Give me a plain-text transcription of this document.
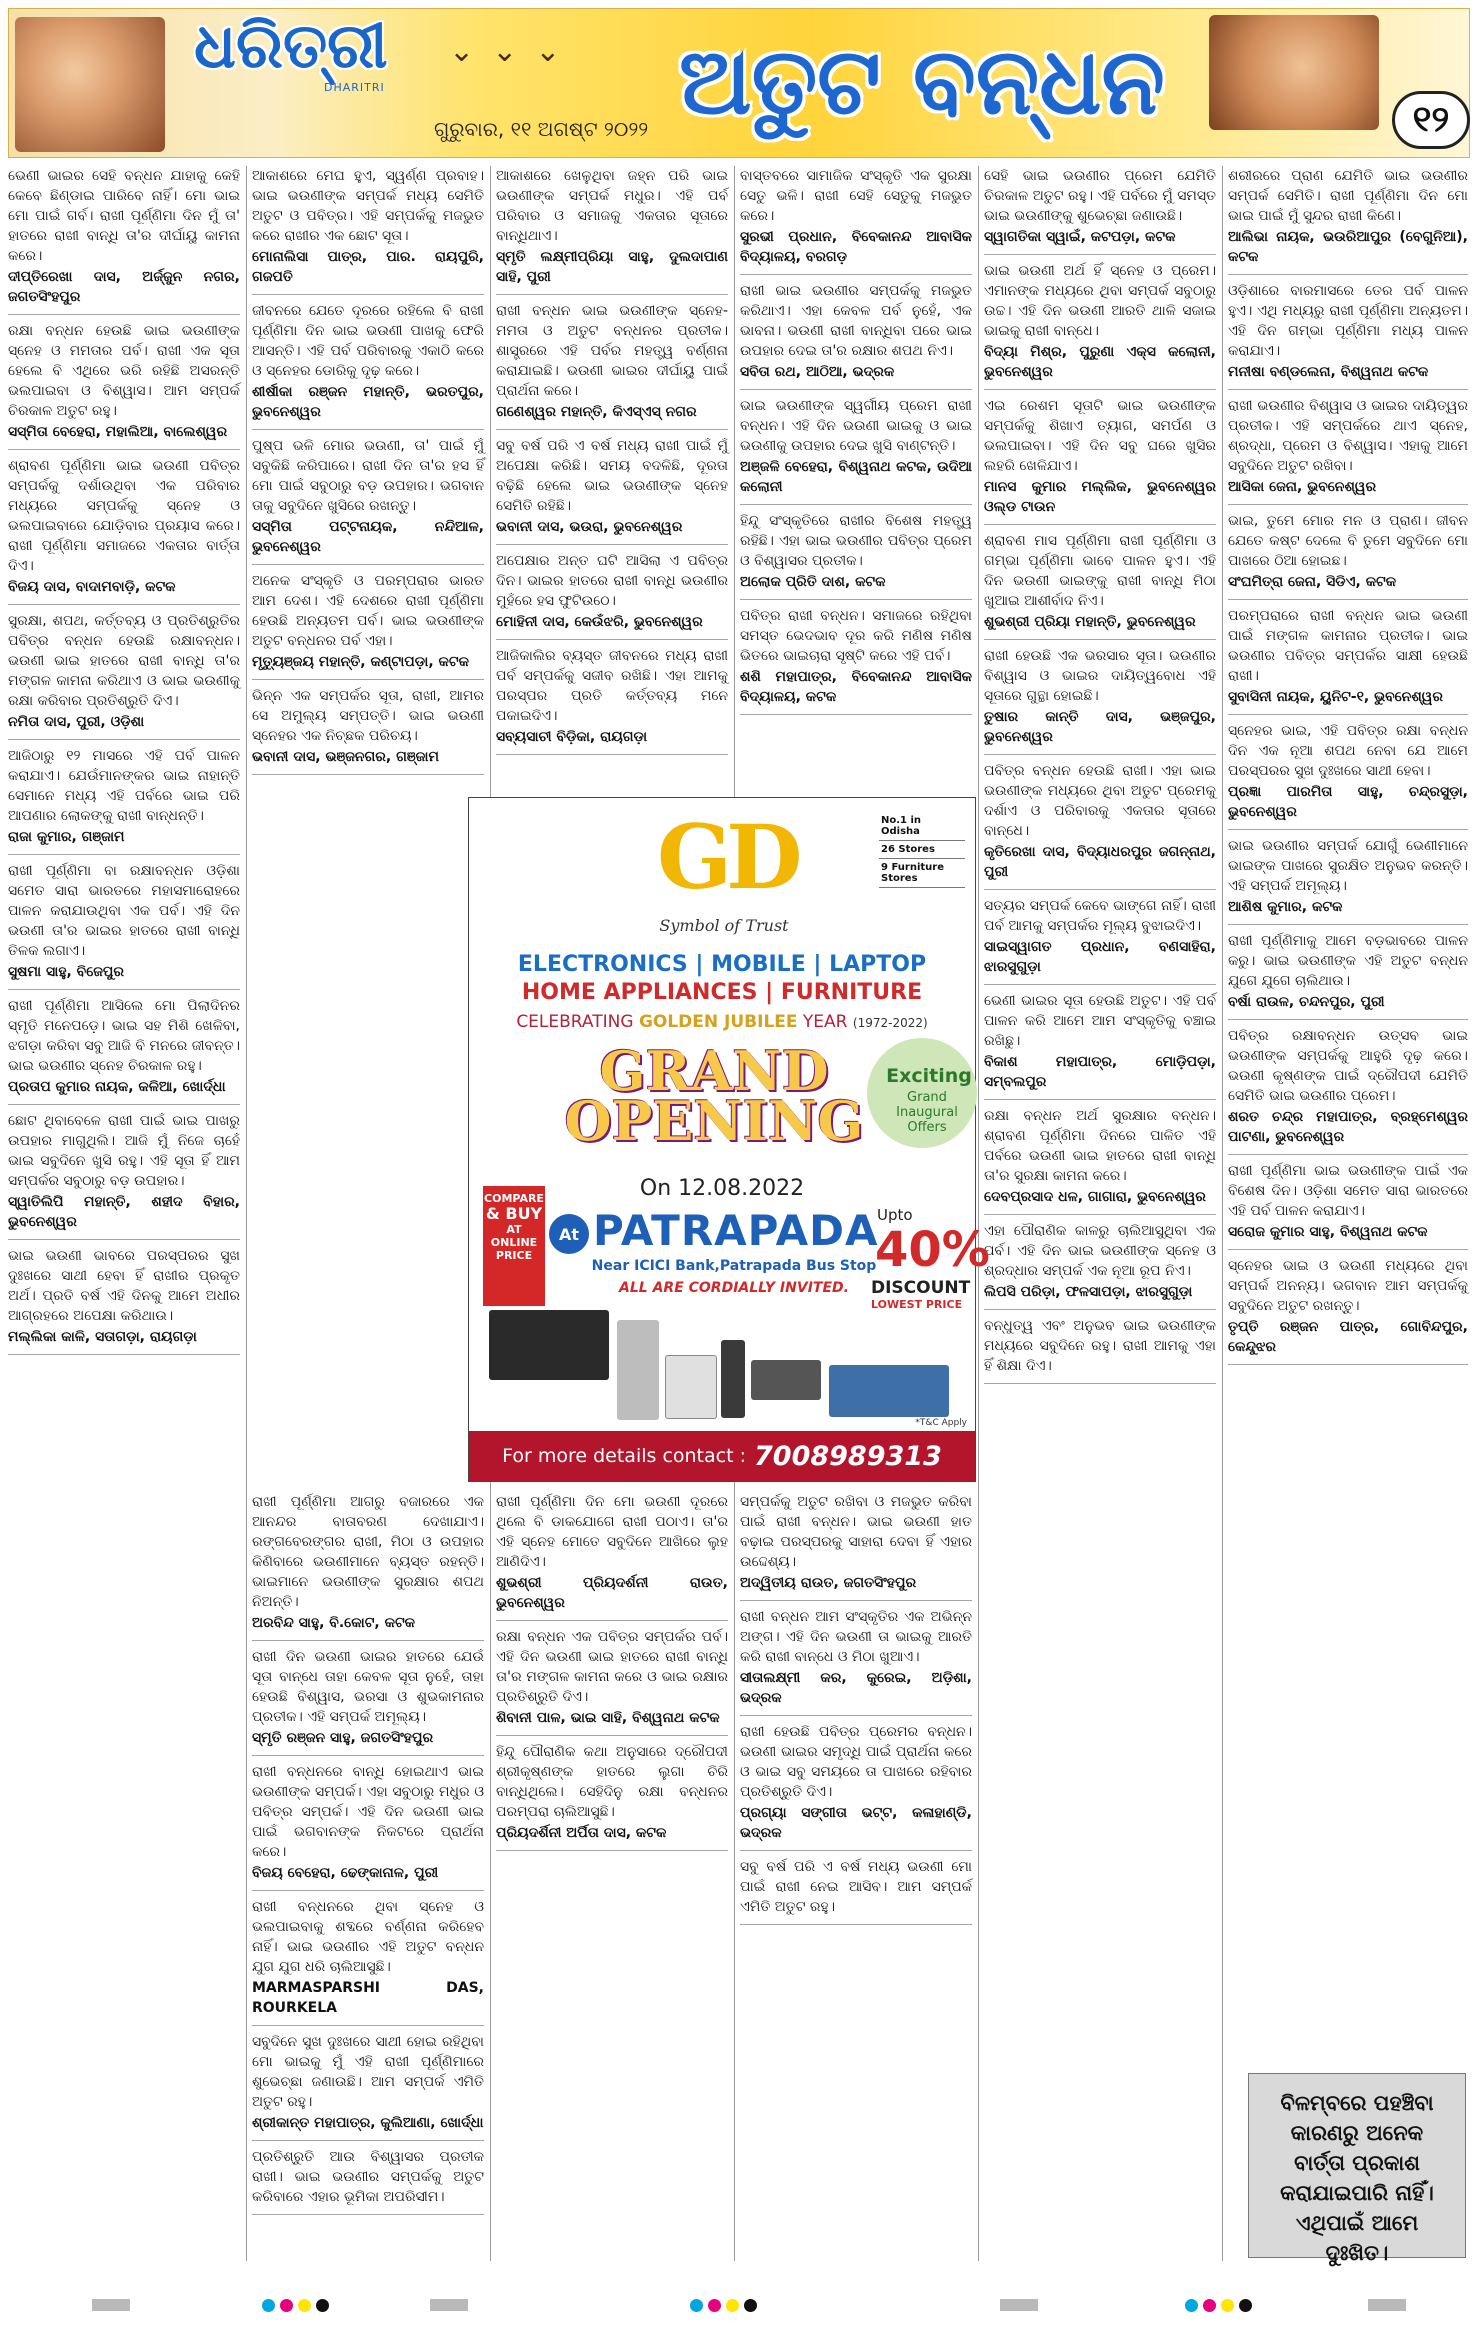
ଧରିତ୍ରୀ
DHARITRI
⌄⌄⌄
ଗୁରୁବାର, ୧୧ ଅଗଷ୍ଟ ୨୦୨୨ ଅତୁଟ ବନ୍ଧନ	୧୨
ଭେଣୀ ଭାଇର ସେହି ବନ୍ଧନ ଯାହାକୁ କେହି କେବେ ଛିଣ୍ଡାଇ ପାରିବେ ନାହିଁ। ମୋ ଭାଇ ମୋ ପାଇଁ ଗର୍ବ। ରାଖୀ ପୂର୍ଣ୍ଣିମା ଦିନ ମୁଁ ତା' ହାତରେ ରାଖୀ ବାନ୍ଧି ତା'ର ଦୀର୍ଘାୟୁ କାମନା କରେ।
ଦୀପ୍ତିରେଖା ଦାସ, ଅର୍ଜ୍ଜୁନ ନଗର, ଜଗତସିଂହପୁର
ରକ୍ଷା ବନ୍ଧନ ହେଉଛି ଭାଇ ଭଉଣୀଙ୍କ ସ୍ନେହ ଓ ମମତାର ପର୍ବ। ରାଖୀ ଏକ ସୂତା ହେଲେ ବି ଏଥିରେ ଭରି ରହିଛି ଅସରନ୍ତି ଭଲପାଇବା ଓ ବିଶ୍ୱାସ। ଆମ ସମ୍ପର୍କ ଚିରକାଳ ଅତୁଟ ରହୁ।
ସସ୍ମିତା ବେହେରା, ମହାଲିଆ, ବାଲେଶ୍ୱର
ଶ୍ରାବଣ ପୂର୍ଣ୍ଣିମା ଭାଇ ଭଉଣୀ ପବିତ୍ର ସମ୍ପର୍କକୁ ଦର୍ଶାଉଥିବା ଏକ ପରିବାର ମଧ୍ୟରେ ସମ୍ପର୍କକୁ ସ୍ନେହ ଓ ଭଲପାଇବାରେ ଯୋଡ଼ିବାର ପ୍ରୟାସ କରେ। ରାଖୀ ପୂର୍ଣ୍ଣିମା ସମାଜରେ ଏକତାର ବାର୍ତ୍ତା ଦିଏ।
ବିଜୟ ଦାସ, ବାଦାମବାଡ଼ି, କଟକ
ସୁରକ୍ଷା, ଶପଥ, କର୍ତ୍ତବ୍ୟ ଓ ପ୍ରତିଶ୍ରୁତିର ପବିତ୍ର ବନ୍ଧନ ହେଉଛି ରକ୍ଷାବନ୍ଧନ। ଭଉଣୀ ଭାଇ ହାତରେ ରାଖୀ ବାନ୍ଧି ତା'ର ମଙ୍ଗଳ କାମନା କରିଥାଏ ଓ ଭାଇ ଭଉଣୀକୁ ରକ୍ଷା କରିବାର ପ୍ରତିଶ୍ରୁତି ଦିଏ।
ନମିତା ଦାସ, ପୁରୀ, ଓଡ଼ିଶା
ଆଜିଠାରୁ ୧୨ ମାସରେ ଏହି ପର୍ବ ପାଳନ କରାଯାଏ। ଯେଉଁମାନଙ୍କର ଭାଇ ନାହାନ୍ତି ସେମାନେ ମଧ୍ୟ ଏହି ପର୍ବରେ ଭାଇ ପରି ଆପଣାର ଲୋକଙ୍କୁ ରାଖୀ ବାନ୍ଧନ୍ତି।
ରାଜା କୁମାର, ଗଞ୍ଜାମ
ରାଖୀ ପୂର୍ଣ୍ଣିମା ବା ରକ୍ଷାବନ୍ଧନ ଓଡ଼ିଶା ସମେତ ସାରା ଭାରତରେ ମହାସମାରୋହରେ ପାଳନ କରାଯାଉଥିବା ଏକ ପର୍ବ। ଏହି ଦିନ ଭଉଣୀ ତା'ର ଭାଇର ହାତରେ ରାଖୀ ବାନ୍ଧି ତିଳକ ଲଗାଏ।
ସୁଷମା ସାହୁ, ବିଜେପୁର
ରାଖୀ ପୂର୍ଣ୍ଣିମା ଆସିଲେ ମୋ ପିଲାଦିନର ସ୍ମୃତି ମନେପଡ଼େ। ଭାଇ ସହ ମିଶି ଖେଳିବା, ଝଗଡ଼ା କରିବା ସବୁ ଆଜି ବି ମନରେ ଜୀବନ୍ତ। ଭାଇ ଭଉଣୀର ସ୍ନେହ ଚିରକାଳ ରହୁ।
ପ୍ରତାପ କୁମାର ନାୟକ, କଳିଆ, ଖୋର୍ଦ୍ଧା
ଛୋଟ ଥିବାବେଳେ ରାଖୀ ପାଇଁ ଭାଇ ପାଖରୁ ଉପହାର ମାଗୁଥିଲି। ଆଜି ମୁଁ ନିଜେ ଚାହେଁ ଭାଇ ସବୁଦିନେ ଖୁସି ରହୁ। ଏହି ସୂତା ହିଁ ଆମ ସମ୍ପର୍କର ସବୁଠାରୁ ବଡ଼ ଉପହାର।
ସ୍ୱାତିଲିପି ମହାନ୍ତି, ଶହୀଦ ବିହାର, ଭୁବନେଶ୍ୱର
ଭାଇ ଭଉଣୀ ଭାବରେ ପରସ୍ପରର ସୁଖ ଦୁଃଖରେ ସାଥୀ ହେବା ହିଁ ରାଖୀର ପ୍ରକୃତ ଅର୍ଥ। ପ୍ରତି ବର୍ଷ ଏହି ଦିନକୁ ଆମେ ଅଧୀର ଆଗ୍ରହରେ ଅପେକ୍ଷା କରିଥାଉ।
ମଲ୍ଲିକା କାଳି, ସତାଗଡ଼ା, ରାୟଗଡ଼ା
ଆକାଶରେ ମେଘ ହୁଏ, ସ୍ୱର୍ଣ୍ଣ ପ୍ରବାହ। ଭାଇ ଭଉଣୀଙ୍କ ସମ୍ପର୍କ ମଧ୍ୟ ସେମିତି ଅତୁଟ ଓ ପବିତ୍ର। ଏହି ସମ୍ପର୍କକୁ ମଜଭୁତ କରେ ରାଖୀର ଏକ ଛୋଟ ସୂତା।
ମୋନାଲିସା ପାତ୍ର, ପାର. ରାୟପୁରି, ଗଜପତି
ଜୀବନରେ ଯେତେ ଦୂରରେ ରହିଲେ ବି ରାଖୀ ପୂର୍ଣ୍ଣିମା ଦିନ ଭାଇ ଭଉଣୀ ପାଖକୁ ଫେରି ଆସନ୍ତି। ଏହି ପର୍ବ ପରିବାରକୁ ଏକାଠି କରେ ଓ ସ୍ନେହର ଡୋରିକୁ ଦୃଢ଼ କରେ।
ଶୀର୍ଷୀକା ରଞ୍ଜନ ମହାନ୍ତି, ଭରତପୁର, ଭୁବନେଶ୍ୱର
ପୁଷ୍ପ ଭଳି ମୋର ଭଉଣୀ, ତା' ପାଇଁ ମୁଁ ସବୁକିଛି କରିପାରେ। ରାଖୀ ଦିନ ତା'ର ହସ ହିଁ ମୋ ପାଇଁ ସବୁଠାରୁ ବଡ଼ ଉପହାର। ଭଗବାନ ତାକୁ ସବୁଦିନେ ଖୁସିରେ ରଖନ୍ତୁ।
ସସ୍ମିତା ପଟ୍ଟନାୟକ, ନନ୍ଦିଆଳ, ଭୁବନେଶ୍ୱର
ଅନେକ ସଂସ୍କୃତି ଓ ପରମ୍ପରାର ଭାରତ ଆମ ଦେଶ। ଏହି ଦେଶରେ ରାଖୀ ପୂର୍ଣ୍ଣିମା ହେଉଛି ଅନ୍ୟତମ ପର୍ବ। ଭାଇ ଭଉଣୀଙ୍କ ଅତୁଟ ବନ୍ଧନର ପର୍ବ ଏହା।
ମୃତ୍ୟୁଞ୍ଜୟ ମହାନ୍ତି, କଣ୍ଟାପଡ଼ା, କଟକ
ଭିନ୍ନ ଏକ ସମ୍ପର୍କର ସୂତା, ରାଖୀ, ଆମର ସେ ଅମୁଲ୍ୟ ସମ୍ପତ୍ତି। ଭାଇ ଭଉଣୀ ସ୍ନେହର ଏକ ନିଚ୍ଛକ ପରିଚୟ।
ଭବାନୀ ଦାସ, ଭଞ୍ଜନଗର, ଗଞ୍ଜାମ
ରାଖୀ ପୂର୍ଣ୍ଣିମା ଆଗରୁ ବଜାରରେ ଏକ ଆନନ୍ଦର ବାତାବରଣ ଦେଖାଯାଏ। ରଙ୍ଗବେରଙ୍ଗର ରାଖୀ, ମିଠା ଓ ଉପହାର କିଣିବାରେ ଭଉଣୀମାନେ ବ୍ୟସ୍ତ ରହନ୍ତି। ଭାଇମାନେ ଭଉଣୀଙ୍କ ସୁରକ୍ଷାର ଶପଥ ନିଅନ୍ତି।
ଅରବିନ୍ଦ ସାହୁ, ବି.କୋଟ, କଟକ
ରାଖୀ ଦିନ ଭଉଣୀ ଭାଇର ହାତରେ ଯେଉଁ ସୂତା ବାନ୍ଧେ ତାହା କେବଳ ସୂତା ନୁହେଁ, ତାହା ହେଉଛି ବିଶ୍ୱାସ, ଭରସା ଓ ଶୁଭକାମନାର ପ୍ରତୀକ। ଏହି ସମ୍ପର୍କ ଅମୂଲ୍ୟ।
ସ୍ମୃତି ରଞ୍ଜନ ସାହୁ, ଜଗତସିଂହପୁର
ରାଖୀ ବନ୍ଧନରେ ବାନ୍ଧି ହୋଇଥାଏ ଭାଇ ଭଉଣୀଙ୍କ ସମ୍ପର୍କ। ଏହା ସବୁଠାରୁ ମଧୁର ଓ ପବିତ୍ର ସମ୍ପର୍କ। ଏହି ଦିନ ଭଉଣୀ ଭାଇ ପାଇଁ ଭଗବାନଙ୍କ ନିକଟରେ ପ୍ରାର୍ଥନା କରେ।
ବିଜୟ ବେହେରା, ଢେଙ୍କାନାଳ, ପୁରୀ
ରାଖୀ ବନ୍ଧନରେ ଥିବା ସ୍ନେହ ଓ ଭଲପାଇବାକୁ ଶବ୍ଦରେ ବର୍ଣ୍ଣନା କରିହେବ ନାହିଁ। ଭାଇ ଭଉଣୀର ଏହି ଅତୁଟ ବନ୍ଧନ ଯୁଗ ଯୁଗ ଧରି ଚାଲିଆସୁଛି।
MARMASPARSHI DAS, ROURKELA
ସବୁଦିନେ ସୁଖ ଦୁଃଖରେ ସାଥୀ ହୋଇ ରହିଥିବା ମୋ ଭାଇକୁ ମୁଁ ଏହି ରାଖୀ ପୂର୍ଣ୍ଣିମାରେ ଶୁଭେଚ୍ଛା ଜଣାଉଛି। ଆମ ସମ୍ପର୍କ ଏମିତି ଅତୁଟ ରହୁ।
ଶ୍ରୀକାନ୍ତ ମହାପାତ୍ର, କୁଲିଆଣା, ଖୋର୍ଦ୍ଧା
ପ୍ରତିଶ୍ରୁତି ଆଉ ବିଶ୍ୱାସର ପ୍ରତୀକ ରାଖୀ। ଭାଇ ଭଉଣୀର ସମ୍ପର୍କକୁ ଅତୁଟ କରିବାରେ ଏହାର ଭୂମିକା ଅପରିସୀମ।
ଆକାଶରେ ଖେଳୁଥିବା ଜହ୍ନ ପରି ଭାଇ ଭଉଣୀଙ୍କ ସମ୍ପର୍କ ମଧୁର। ଏହି ପର୍ବ ପରିବାର ଓ ସମାଜକୁ ଏକତାର ସୂତାରେ ବାନ୍ଧିଥାଏ।
ସ୍ମୃତି ଲକ୍ଷ୍ମୀପ୍ରିୟା ସାହୁ, ଦୁଲଦାପାଣ ସାହି, ପୁରୀ
ରାଖୀ ବନ୍ଧନ ଭାଇ ଭଉଣୀଙ୍କ ସ୍ନେହ-ମମତା ଓ ଅତୁଟ ବନ୍ଧନର ପ୍ରତୀକ। ଶାସ୍ତ୍ରରେ ଏହି ପର୍ବର ମହତ୍ତ୍ୱ ବର୍ଣ୍ଣନା କରାଯାଇଛି। ଭଉଣୀ ଭାଇର ଦୀର୍ଘାୟୁ ପାଇଁ ପ୍ରାର୍ଥନା କରେ।
ଗଣେଶ୍ୱର ମହାନ୍ତି, କିଏସ୍‌ଏସ୍ ନଗର
ସବୁ ବର୍ଷ ପରି ଏ ବର୍ଷ ମଧ୍ୟ ରାଖୀ ପାଇଁ ମୁଁ ଅପେକ୍ଷା କରିଛି। ସମୟ ବଦଳିଛି, ଦୂରତା ବଢ଼ିଛି ହେଲେ ଭାଇ ଭଉଣୀଙ୍କ ସ୍ନେହ ସେମିତି ରହିଛି।
ଭବାନୀ ଦାସ, ଭଉରା, ଭୁବନେଶ୍ୱର
ଅପେକ୍ଷାର ଅନ୍ତ ଘଟି ଆସିଲା ଏ ପବିତ୍ର ଦିନ। ଭାଇର ହାତରେ ରାଖୀ ବାନ୍ଧି ଭଉଣୀର ମୁହଁରେ ହସ ଫୁଟିଉଠେ।
ମୋହିନୀ ଦାସ, କେଉଁଝରି, ଭୁବନେଶ୍ୱର
ଆଜିକାଲିର ବ୍ୟସ୍ତ ଜୀବନରେ ମଧ୍ୟ ରାଖୀ ପର୍ବ ସମ୍ପର୍କକୁ ସଜୀବ ରଖିଛି। ଏହା ଆମକୁ ପରସ୍ପର ପ୍ରତି କର୍ତ୍ତବ୍ୟ ମନେ ପକାଇଦିଏ।
ସବ୍ୟସାଚୀ ବିଡ଼ିକା, ରାୟଗଡ଼ା
ରାଖୀ ପୂର୍ଣ୍ଣିମା ଦିନ ମୋ ଭଉଣୀ ଦୂରରେ ଥିଲେ ବି ଡାକଯୋଗେ ରାଖୀ ପଠାଏ। ତା'ର ଏହି ସ୍ନେହ ମୋତେ ସବୁଦିନେ ଆଖିରେ ଲୁହ ଆଣିଦିଏ।
ଶୁଭଶ୍ରୀ ପ୍ରିୟଦର୍ଶନୀ ରାଉତ, ଭୁବନେଶ୍ୱର
ରକ୍ଷା ବନ୍ଧନ ଏକ ପବିତ୍ର ସମ୍ପର୍କର ପର୍ବ। ଏହି ଦିନ ଭଉଣୀ ଭାଇ ହାତରେ ରାଖୀ ବାନ୍ଧି ତା'ର ମଙ୍ଗଳ କାମନା କରେ ଓ ଭାଇ ରକ୍ଷାର ପ୍ରତିଶ୍ରୁତି ଦିଏ।
ଶିବାନୀ ପାଳ, ଭାଇ ସାହି, ବିଶ୍ୱନାଥ କଟକ
ହିନ୍ଦୁ ପୌରାଣିକ କଥା ଅନୁସାରେ ଦ୍ରୌପଦୀ ଶ୍ରୀକୃଷ୍ଣଙ୍କ ହାତରେ ଲୁଗା ଚିରି ବାନ୍ଧିଥିଲେ। ସେହିଦିନୁ ରକ୍ଷା ବନ୍ଧନର ପରମ୍ପରା ଚାଲିଆସୁଛି।
ପ୍ରିୟଦର୍ଶିନୀ ଅର୍ପିତା ଦାସ, କଟକ
ବାସ୍ତବରେ ସାମାଜିକ ସଂସ୍କୃତି ଏକ ସୁରକ୍ଷା ସେତୁ ଭଳି। ରାଖୀ ସେହି ସେତୁକୁ ମଜଭୁତ କରେ।
ସୁରଭୀ ପ୍ରଧାନ, ବିବେକାନନ୍ଦ ଆବାସିକ ବିଦ୍ୟାଳୟ, ବରଗଡ଼
ରାଖୀ ଭାଇ ଭଉଣୀର ସମ୍ପର୍କକୁ ମଜଭୁତ କରିଥାଏ। ଏହା କେବଳ ପର୍ବ ନୁହେଁ, ଏକ ଭାବନା। ଭଉଣୀ ରାଖୀ ବାନ୍ଧିବା ପରେ ଭାଇ ଉପହାର ଦେଇ ତା'ର ରକ୍ଷାର ଶପଥ ନିଏ।
ସବିତା ରଥ, ଆଠିଆ, ଭଦ୍ରକ
ଭାଇ ଭଉଣୀଙ୍କ ସ୍ୱର୍ଗୀୟ ପ୍ରେମ ରାଖୀ ବନ୍ଧନ। ଏହି ଦିନ ଭଉଣୀ ଭାଇକୁ ଓ ଭାଇ ଭଉଣୀକୁ ଉପହାର ଦେଇ ଖୁସି ବାଣ୍ଟନ୍ତି।
ଅଞ୍ଜଳି ବେହେରା, ବିଶ୍ୱନାଥ କଟକ, ଉଦିଆ କଲୋନୀ
ହିନ୍ଦୁ ସଂସ୍କୃତିରେ ରାଖୀର ବିଶେଷ ମହତ୍ତ୍ୱ ରହିଛି। ଏହା ଭାଇ ଭଉଣୀର ପବିତ୍ର ପ୍ରେମ ଓ ବିଶ୍ୱାସର ପ୍ରତୀକ।
ଅଲୋକ ପ୍ରିତି ଦାଶ, କଟକ
ପବିତ୍ର ରାଖୀ ବନ୍ଧନ। ସମାଜରେ ରହିଥିବା ସମସ୍ତ ଭେଦଭାବ ଦୂର କରି ମଣିଷ ମଣିଷ ଭିତରେ ଭାଇଚାରା ସୃଷ୍ଟି କରେ ଏହି ପର୍ବ।
ଶଶି ମହାପାତ୍ର, ବିବେକାନନ୍ଦ ଆବାସିକ ବିଦ୍ୟାଳୟ, କଟକ
ସମ୍ପର୍କକୁ ଅତୁଟ ରଖିବା ଓ ମଜଭୁତ କରିବା ପାଇଁ ରାଖୀ ବନ୍ଧନ। ଭାଇ ଭଉଣୀ ହାତ ବଢ଼ାଇ ପରସ୍ପରକୁ ସାହାରା ଦେବା ହିଁ ଏହାର ଉଦ୍ଦେଶ୍ୟ।
ଅଦ୍ୱିତୀୟ ରାଉତ, ଜଗତସିଂହପୁର
ରାଖୀ ବନ୍ଧନ ଆମ ସଂସ୍କୃତିର ଏକ ଅଭିନ୍ନ ଅଙ୍ଗ। ଏହି ଦିନ ଭଉଣୀ ତା ଭାଇକୁ ଆରତି କରି ରାଖୀ ବାନ୍ଧେ ଓ ମିଠା ଖୁଆଏ।
ସୀତାଲକ୍ଷ୍ମୀ କର, କୁରେଇ, ଅଡ଼ିଶା, ଭଦ୍ରକ
ରାଖୀ ହେଉଛି ପବିତ୍ର ପ୍ରେମର ବନ୍ଧନ। ଭଉଣୀ ଭାଇର ସମୃଦ୍ଧି ପାଇଁ ପ୍ରାର୍ଥନା କରେ ଓ ଭାଇ ସବୁ ସମୟରେ ତା ପାଖରେ ରହିବାର ପ୍ରତିଶ୍ରୁତି ଦିଏ।
ପ୍ରଗ୍ୟା ସଙ୍ଗୀତା ଭଟ୍ଟ, କଳାହାଣ୍ଡି, ଭଦ୍ରକ
ସବୁ ବର୍ଷ ପରି ଏ ବର୍ଷ ମଧ୍ୟ ଭଉଣୀ ମୋ ପାଇଁ ରାଖୀ ନେଇ ଆସିବ। ଆମ ସମ୍ପର୍କ ଏମିତି ଅତୁଟ ରହୁ।
ସେହି ଭାଇ ଭଉଣୀର ପ୍ରେମ ଯେମିତି ଚିରକାଳ ଅତୁଟ ରହୁ। ଏହି ପର୍ବରେ ମୁଁ ସମସ୍ତ ଭାଇ ଭଉଣୀଙ୍କୁ ଶୁଭେଚ୍ଛା ଜଣାଉଛି।
ସ୍ୱାଗତିକା ସ୍ୱାଇଁ, କଟପଡ଼ା, କଟକ
ଭାଇ ଭଉଣୀ ଅର୍ଥ ହିଁ ସ୍ନେହ ଓ ପ୍ରେମ। ଏମାନଙ୍କ ମଧ୍ୟରେ ଥିବା ସମ୍ପର୍କ ସବୁଠାରୁ ଉଚ୍ଚ। ଏହି ଦିନ ଭଉଣୀ ଆରତି ଥାଳି ସଜାଇ ଭାଇକୁ ରାଖୀ ବାନ୍ଧେ।
ବିଦ୍ୟା ମିଶ୍ର, ପୁରୁଣା ଏକ୍ସ କଲୋନୀ, ଭୁବନେଶ୍ୱର
ଏଇ ରେଶମ ସୂତାଟି ଭାଇ ଭଉଣୀଙ୍କ ସମ୍ପର୍କକୁ ଶିଖାଏ ତ୍ୟାଗ, ସମର୍ପଣ ଓ ଭଲପାଇବା। ଏହି ଦିନ ସବୁ ଘରେ ଖୁସିର ଲହରି ଖେଳିଯାଏ।
ମାନସ କୁମାର ମଲ୍ଲିକ, ଭୁବନେଶ୍ୱର ଓଲ୍ଡ ଟାଉନ
ଶ୍ରାବଣ ମାସ ପୂର୍ଣ୍ଣିମା ରାଖୀ ପୂର୍ଣ୍ଣିମା ଓ ଗମ୍ଭା ପୂର୍ଣ୍ଣିମା ଭାବେ ପାଳନ ହୁଏ। ଏହି ଦିନ ଭଉଣୀ ଭାଇଙ୍କୁ ରାଖୀ ବାନ୍ଧି ମିଠା ଖୁଆଇ ଆଶୀର୍ବାଦ ନିଏ।
ଶୁଭଶ୍ରୀ ପ୍ରିୟା ମହାନ୍ତି, ଭୁବନେଶ୍ୱର
ରାଖୀ ହେଉଛି ଏକ ଭରସାର ସୂତା। ଭଉଣୀର ବିଶ୍ୱାସ ଓ ଭାଇର ଦାୟିତ୍ୱବୋଧ ଏହି ସୂତାରେ ଗୁନ୍ଥା ହୋଇଛି।
ତୁଷାର କାନ୍ତି ଦାସ, ଭଞ୍ଜପୁର, ଭୁବନେଶ୍ୱର
ପବିତ୍ର ବନ୍ଧନ ହେଉଛି ରାଖୀ। ଏହା ଭାଇ ଭଉଣୀଙ୍କ ମଧ୍ୟରେ ଥିବା ଅତୁଟ ପ୍ରେମକୁ ଦର୍ଶାଏ ଓ ପରିବାରକୁ ଏକତାର ସୂତାରେ ବାନ୍ଧେ।
କୃତିରେଖା ଦାସ, ବିଦ୍ୟାଧରପୁର ଜଗନ୍ନାଥ, ପୁରୀ
ସତ୍ୟର ସମ୍ପର୍କ କେବେ ଭାଙ୍ଗେ ନାହିଁ। ରାଖୀ ପର୍ବ ଆମକୁ ସମ୍ପର୍କର ମୂଲ୍ୟ ବୁଝାଇଦିଏ।
ସାଇସ୍ୱାଗତ ପ୍ରଧାନ, ବଣସାହିରା, ଝାରସୁଗୁଡ଼ା
ଭେଣୀ ଭାଇର ସୂତା ହେଉଛି ଅତୁଟ। ଏହି ପର୍ବ ପାଳନ କରି ଆମେ ଆମ ସଂସ୍କୃତିକୁ ବଞ୍ଚାଇ ରଖିଛୁ।
ବିକାଶ ମହାପାତ୍ର, ମୋଡ଼ିପଡ଼ା, ସମ୍ବଲପୁର
ରକ୍ଷା ବନ୍ଧନ ଅର୍ଥ ସୁରକ୍ଷାର ବନ୍ଧନ। ଶ୍ରାବଣ ପୂର୍ଣ୍ଣିମା ଦିନରେ ପାଳିତ ଏହି ପର୍ବରେ ଭଉଣୀ ଭାଇ ହାତରେ ରାଖୀ ବାନ୍ଧି ତା'ର ସୁରକ୍ଷା କାମନା କରେ।
ଦେବପ୍ରସାଦ ଧଳ, ଗାଗାରା, ଭୁବନେଶ୍ୱର
ଏହା ପୌରାଣିକ କାଳରୁ ଚାଲିଆସୁଥିବା ଏକ ପର୍ବ। ଏହି ଦିନ ଭାଇ ଭଉଣୀଙ୍କ ସ୍ନେହ ଓ ଶ୍ରଦ୍ଧାର ସମ୍ପର୍କ ଏକ ନୂଆ ରୂପ ନିଏ।
ଲିପସି ପରିଡ଼ା, ଫଳସାପଡ଼ା, ଝାରସୁଗୁଡ଼ା
ବନ୍ଧୁତ୍ୱ ଏବଂ ଅନୁଭବ ଭାଇ ଭଉଣୀଙ୍କ ମଧ୍ୟରେ ସବୁଦିନେ ରହୁ। ରାଖୀ ଆମକୁ ଏହା ହିଁ ଶିକ୍ଷା ଦିଏ।
ଶରୀରରେ ପ୍ରାଣ ଯେମିତି ଭାଇ ଭଉଣୀର ସମ୍ପର୍କ ସେମିତି। ରାଖୀ ପୂର୍ଣ୍ଣିମା ଦିନ ମୋ ଭାଇ ପାଇଁ ମୁଁ ସୁନ୍ଦର ରାଖୀ କିଣେ।
ଆଲିଭା ନାୟକ, ଭଉରିଆପୁର (ବେଗୁନିଆ), କଟକ
ଓଡ଼ିଶାରେ ବାରମାସରେ ତେର ପର୍ବ ପାଳନ ହୁଏ। ଏଥି ମଧ୍ୟରୁ ରାଖୀ ପୂର୍ଣ୍ଣିମା ଅନ୍ୟତମ। ଏହି ଦିନ ଗମ୍ଭା ପୂର୍ଣ୍ଣିମା ମଧ୍ୟ ପାଳନ କରାଯାଏ।
ମନୀଷା ବଣ୍ଡଲେନା, ବିଶ୍ୱନାଥ କଟକ
ରାଖୀ ଭଉଣୀର ବିଶ୍ୱାସ ଓ ଭାଇର ଦାୟିତ୍ୱର ପ୍ରତୀକ। ଏହି ସମ୍ପର୍କରେ ଥାଏ ସ୍ନେହ, ଶ୍ରଦ୍ଧା, ପ୍ରେମ ଓ ବିଶ୍ୱାସ। ଏହାକୁ ଆମେ ସବୁଦିନେ ଅତୁଟ ରଖିବା।
ଆସିକା ଜେନା, ଭୁବନେଶ୍ୱର
ଭାଇ, ତୁମେ ମୋର ମନ ଓ ପ୍ରାଣ। ଜୀବନ ଯେତେ କଷ୍ଟ ଦେଲେ ବି ତୁମେ ସବୁଦିନେ ମୋ ପାଖରେ ଠିଆ ହୋଇଛ।
ସଂଘମିତ୍ରା ଜେନା, ସିଡିଏ, କଟକ
ପରମ୍ପରାରେ ରାଖୀ ବନ୍ଧନ ଭାଇ ଭଉଣୀ ପାଇଁ ମଙ୍ଗଳ କାମନାର ପ୍ରତୀକ। ଭାଇ ଭଉଣୀର ପବିତ୍ର ସମ୍ପର୍କର ସାକ୍ଷୀ ହେଉଛି ରାଖୀ।
ସୁବାସିନୀ ନାୟକ, ୟୁନିଟ-୧, ଭୁବନେଶ୍ୱର
ସ୍ନେହର ଭାଇ, ଏହି ପବିତ୍ର ରକ୍ଷା ବନ୍ଧନ ଦିନ ଏକ ନୂଆ ଶପଥ ନେବା ଯେ ଆମେ ପରସ୍ପରର ସୁଖ ଦୁଃଖରେ ସାଥୀ ହେବା।
ପ୍ରଜ୍ଞା ପାରମିତା ସାହୁ, ଚନ୍ଦ୍ରସୁଡ଼ା, ଭୁବନେଶ୍ୱର
ଭାଇ ଭଉଣୀର ସମ୍ପର୍କ ଯୋଗୁଁ ଭେଣୀମାନେ ଭାଇଙ୍କ ପାଖରେ ସୁରକ୍ଷିତ ଅନୁଭବ କରନ୍ତି। ଏହି ସମ୍ପର୍କ ଅମୂଲ୍ୟ।
ଆଶିଷ କୁମାର, କଟକ
ରାଖୀ ପୂର୍ଣ୍ଣିମାକୁ ଆମେ ବଡ଼ଭାବରେ ପାଳନ କରୁ। ଭାଇ ଭଉଣୀଙ୍କ ଏହି ଅତୁଟ ବନ୍ଧନ ଯୁଗେ ଯୁଗେ ଚାଲିଥାଉ।
ବର୍ଷା ରାଉଳ, ଚନ୍ଦନପୁର, ପୁରୀ
ପବିତ୍ର ରକ୍ଷାବନ୍ଧନ ଉତ୍ସବ ଭାଇ ଭଉଣୀଙ୍କ ସମ୍ପର୍କକୁ ଆହୁରି ଦୃଢ଼ କରେ। ଭଉଣୀ କୃଷ୍ଣଙ୍କ ପାଇଁ ଦ୍ରୌପଦୀ ଯେମିତି ସେମିତି ଭାଇ ଭଉଣୀର ପ୍ରେମ।
ଶରତ ଚନ୍ଦ୍ର ମହାପାତ୍ର, ବ୍ରହ୍ମେଶ୍ୱର ପାଟଣା, ଭୁବନେଶ୍ୱର
ରାଖୀ ପୂର୍ଣ୍ଣିମା ଭାଇ ଭଉଣୀଙ୍କ ପାଇଁ ଏକ ବିଶେଷ ଦିନ। ଓଡ଼ିଶା ସମେତ ସାରା ଭାରତରେ ଏହି ପର୍ବ ପାଳନ କରାଯାଏ।
ସରୋଜ କୁମାର ସାହୁ, ବିଶ୍ୱନାଥ କଟକ
ସ୍ନେହର ଭାଇ ଓ ଭଉଣୀ ମଧ୍ୟରେ ଥିବା ସମ୍ପର୍କ ଅନନ୍ୟ। ଭଗବାନ ଆମ ସମ୍ପର୍କକୁ ସବୁଦିନେ ଅତୁଟ ରଖନ୍ତୁ।
ତୃପ୍ତି ରଞ୍ଜନ ପାତ୍ର, ଗୋବିନ୍ଦପୁର, କେନ୍ଦୁଝର
GD
Symbol of Trust
No.1 in Odisha
26 Stores
9 Furniture Stores
ELECTRONICS | MOBILE | LAPTOP
HOME APPLIANCES | FURNITURE
CELEBRATING GOLDEN JUBILEE YEAR (1972-2022)
GRAND OPENING
Exciting
Grand Inaugural Offers
On 12.08.2022
COMPARE
& BUY
AT ONLINE PRICE
At PATRAPADA
Near ICICI Bank,Patrapada Bus Stop
ALL ARE CORDIALLY INVITED.
Upto
40%
DISCOUNT
LOWEST PRICE
*T&C Apply
For more details contact : 7008989313
ବିଳମ୍ବରେ ପହଞ୍ଚିବା
କାରଣରୁ ଅନେକ
ବାର୍ତ୍ତା ପ୍ରକାଶ
କରାଯାଇପାରି ନାହିଁ।
ଏଥିପାଇଁ ଆମେ
ଦୁଃଖିତ।
